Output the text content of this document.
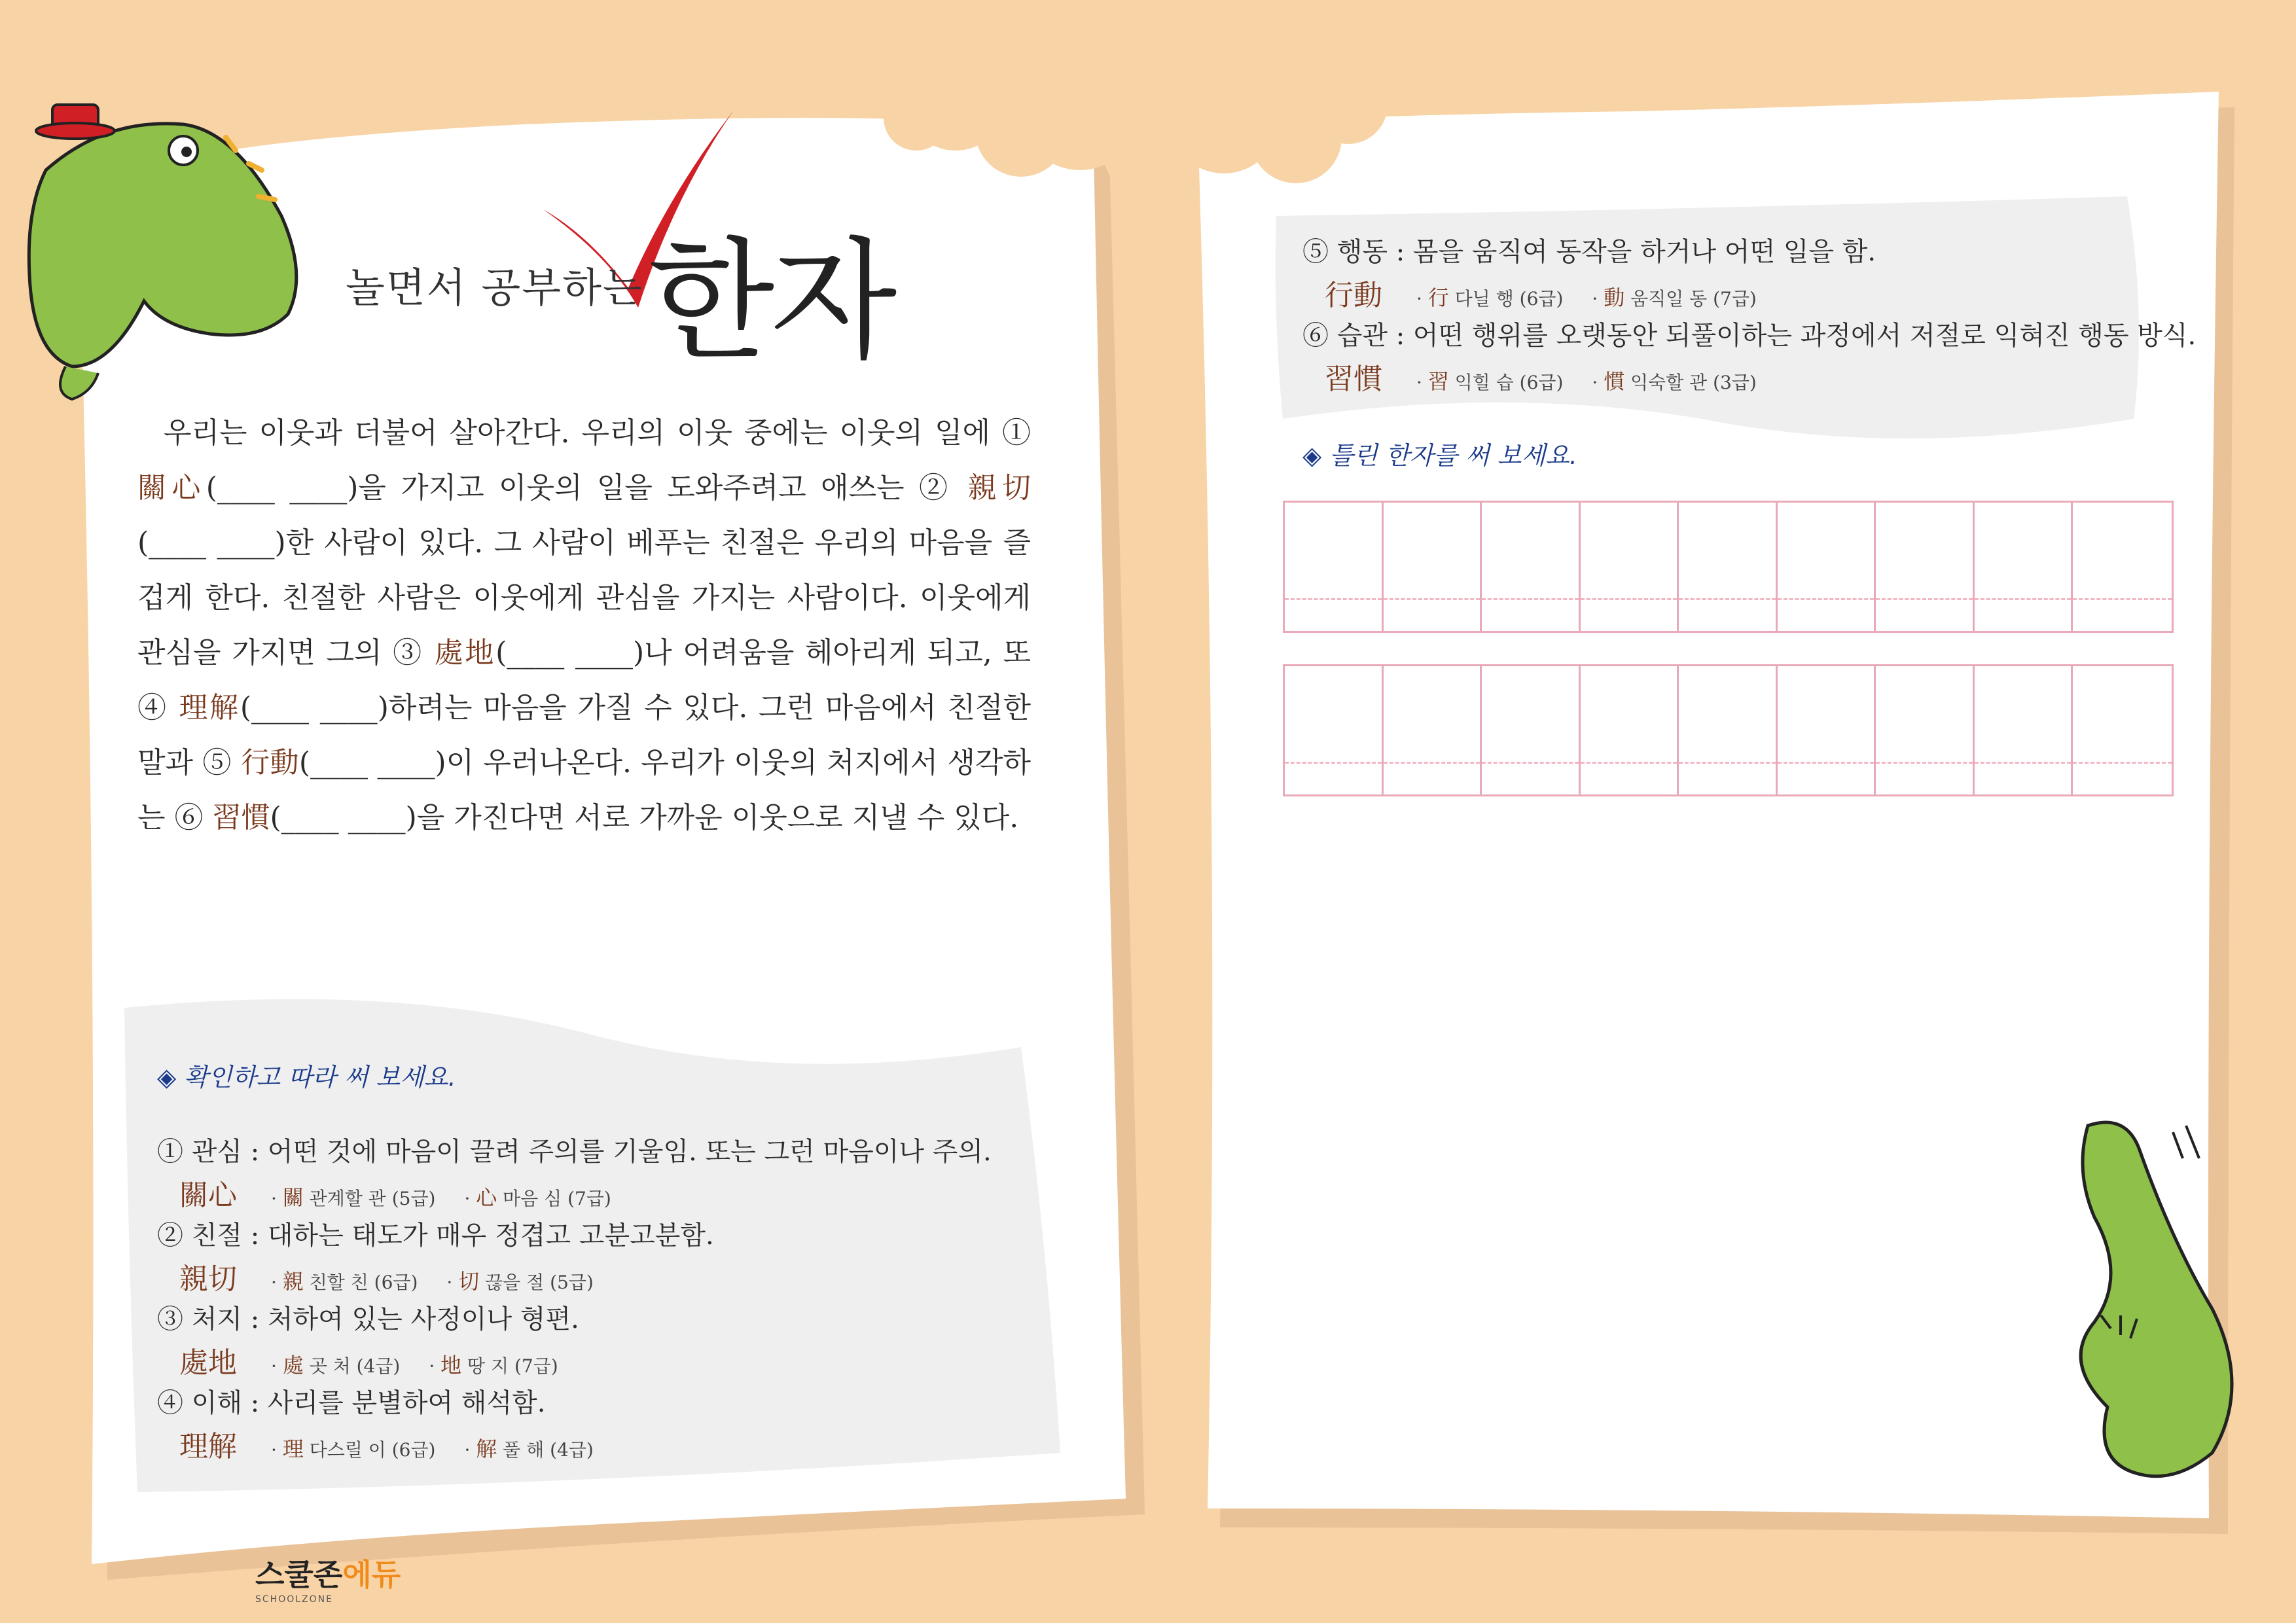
놀면서 공부하는 한자
우리는 이웃과 더불어 살아간다. 우리의 이웃 중에는 이웃의 일에 ① 關心(____ ____)을 가지고 이웃의 일을 도와주려고 애쓰는 ② 親切(____ ____)한 사람이 있다. 그 사람이 베푸는 친절은 우리의 마음을 즐겁게 한다. 친절한 사람은 이웃에게 관심을 가지는 사람이다. 이웃에게 관심을 가지면 그의 ③ 處地(____ ____)나 어려움을 헤아리게 되고, 또 ④ 理解(____ ____)하려는 마음을 가질 수 있다. 그런 마음에서 친절한 말과 ⑤ 行動(____ ____)이 우러나온다. 우리가 이웃의 처지에서 생각하는 ⑥ 習慣(____ ____)을 가진다면 서로 가까운 이웃으로 지낼 수 있다.
◈ 확인하고 따라 써 보세요.
① 관심 : 어떤 것에 마음이 끌려 주의를 기울임. 또는 그런 마음이나 주의.
關心 · 關 관계할 관 (5급) · 心 마음 심 (7급)
② 친절 : 대하는 태도가 매우 정겹고 고분고분함.
親切 · 親 친할 친 (6급) · 切 끊을 절 (5급)
③ 처지 : 처하여 있는 사정이나 형편.
處地 · 處 곳 처 (4급) · 地 땅 지 (7급)
④ 이해 : 사리를 분별하여 해석함.
理解 · 理 다스릴 이 (6급) · 解 풀 해 (4급)
⑤ 행동 : 몸을 움직여 동작을 하거나 어떤 일을 함.
行動 · 行 다닐 행 (6급) · 動 움직일 동 (7급)
⑥ 습관 : 어떤 행위를 오랫동안 되풀이하는 과정에서 저절로 익혀진 행동 방식.
習慣 · 習 익힐 습 (6급) · 慣 익숙할 관 (3급)
◈ 틀린 한자를 써 보세요.
스쿨존에듀
SCHOOLZONE
